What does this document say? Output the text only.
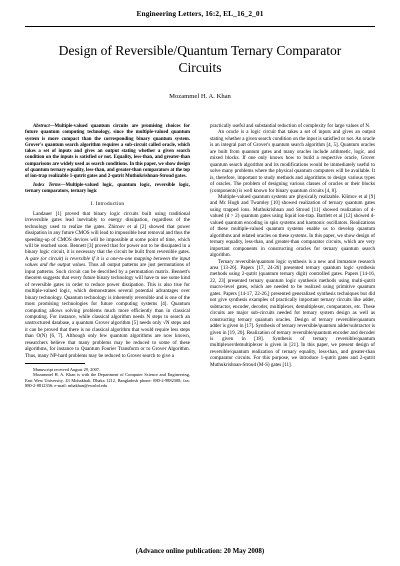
Engineering Letters, 16:2, EL_16_2_01
Design of Reversible/Quantum Ternary Comparator Circuits
Mozammel H. A. Khan

Abstract—Multiple-valued quantum circuits are promising choices for future quantum computing technology, since the multiple-valued quantum system is more compact than the corresponding binary quantum system. Grover's quantum search algorithm requires a sub-circuit called oracle, which takes a set of inputs and gives an output stating whether a given search condition on the inputs is satisfied or not. Equality, less-than, and greater-than comparisons are widely used as search conditions. In this paper, we show design of quantum ternary equality, less-than, and greater-than comparators at the top of ion-trap realizable 1-qutrit gates and 2-qutrit Muthukrishnan-Stroud gates.

Index Terms—Multiple-valued logic, quantum logic, reversible logic, ternary comparators, ternary logic

I. Introduction

Landauer [1] proved that binary logic circuits built using traditional irreversible gates lead inevitably to energy dissipation, regardless of the technology used to realize the gates. Zhirnov et al [2] showed that power dissipation in any future CMOS will lead to impossible heat removal and thus the speeding-up of CMOS devices will be impossible at some point of time, which will be reached soon. Bennett [3] proved that for power not to be dissipated in a binary logic circuit, it is necessary that the circuit be built from reversible gates. A gate (or circuit) is reversible if it is a one-to-one mapping between the input values and the output values. Thus all output patterns are just permutations of input patterns. Such circuit can be described by a permutation matrix. Bennett's theorem suggests that every future binary technology will have to use some kind of reversible gates in order to reduce power dissipation. This is also true for multiple-valued logic, which demonstrates several potential advantages over binary technology. Quantum technology is inherently reversible and is one of the most promising technologies for future computing systems [4]. Quantum computing allows solving problems much more efficiently than in classical computing. For instance, while classical algorithm needs N steps to search an unstructured database, a quantum Grover algorithm [5] needs only √N steps and it can be proved that there is no classical algorithm that would require less steps than O(N) [6, 7]. Although only few quantum algorithms are now known, researchers believe that many problems may be reduced to some of these algorithms, for instance to Quantum Fourier Transform or to Grover Algorithm. Thus, many NP-hard problems may be reduced to Grover search to give a

Manuscript received August 29, 2007.

Mozammel H. A. Khan is with the Department of Computer Science and Engineering, East West University, 43 Mohakhali, Dhaka 1212, Bangladesh phone: 880-2-9882308; fax: 880-2-8812336; e-mail: mhakhan@ewubd.edu

practically useful and substantial reduction of complexity for large values of N.

An oracle is a logic circuit that takes a set of inputs and gives an output stating whether a given search condition on the input is satisfied or not. An oracle is an integral part of Grover's quantum search algorithm [4, 5]. Quantum oracles are built from quantum gates and many oracles include arithmetic, logic, and mixed blocks. If one only knows how to build a respective oracle, Grover quantum search algorithm and its modifications would be immediately useful to solve many problems where the physical quantum computers will be available. It is, therefore, important to study methods and algorithms to design various types of oracles. The problem of designing various classes of oracles or their blocks (components) is well known for binary quantum circuits [4, 8].

Multiple-valued quantum systems are physically realizable. Klimov et al [9] and Mc Hugh and Twamley [10] showed realization of ternary quantum gates using trapped ions. Muthukrishnan and Stroud [11] showed realization of d-valued (d > 2) quantum gates using liquid ion-trap. Bartlett et al [12] showed d-valued quantum encoding in spin systems and harmonic oscillators. Realizations of these multiple-valued quantum systems enable us to develop quantum algorithms and related oracles on these systems. In this paper, we show design of ternary equality, less-than, and greater-than comparator circuits, which are very important components in constructing oracles for ternary quantum search algorithm.

Ternary reversible/quantum logic synthesis is a new and immature research area [13-26]. Papers [17, 24-26] presented ternary quantum logic synthesis methods using 2-qutrit (quantum ternary digit) controlled gates. Papers [14-16, 22, 23] presented ternary quantum logic synthesis methods using multi-qutrit macro-level gates, which are needed to be realized using primitive quantum gates. Papers [14-17, 22-26,] presented generalized synthesis techniques but did not give synthesis examples of practically important ternary circuits like adder, subtractor, encoder, decoder, multiplexer, demultiplexer, comparators, etc. These circuits are major sub-circuits needed for ternary system design as well as constructing ternary quantum oracles. Design of ternary reversible/quantum adder is given in [17]. Synthesis of ternary reversible/quantum adder/subtractor is given in [19, 20]. Realization of ternary reversible/quantum encoder and decoder is given in [18]. Synthesis of ternary reversible/quantum multiplexer/demultiplexer is given in [21]. In this paper, we present design of reversible/quantum realization of ternary equality, less-than, and greater-than comparator circuits. For this purpose, we introduce 1-qutrit gates and 2-qutrit Muthukrishnan-Stroud (M-S) gates [11].

(Advance online publication: 20 May 2008)
